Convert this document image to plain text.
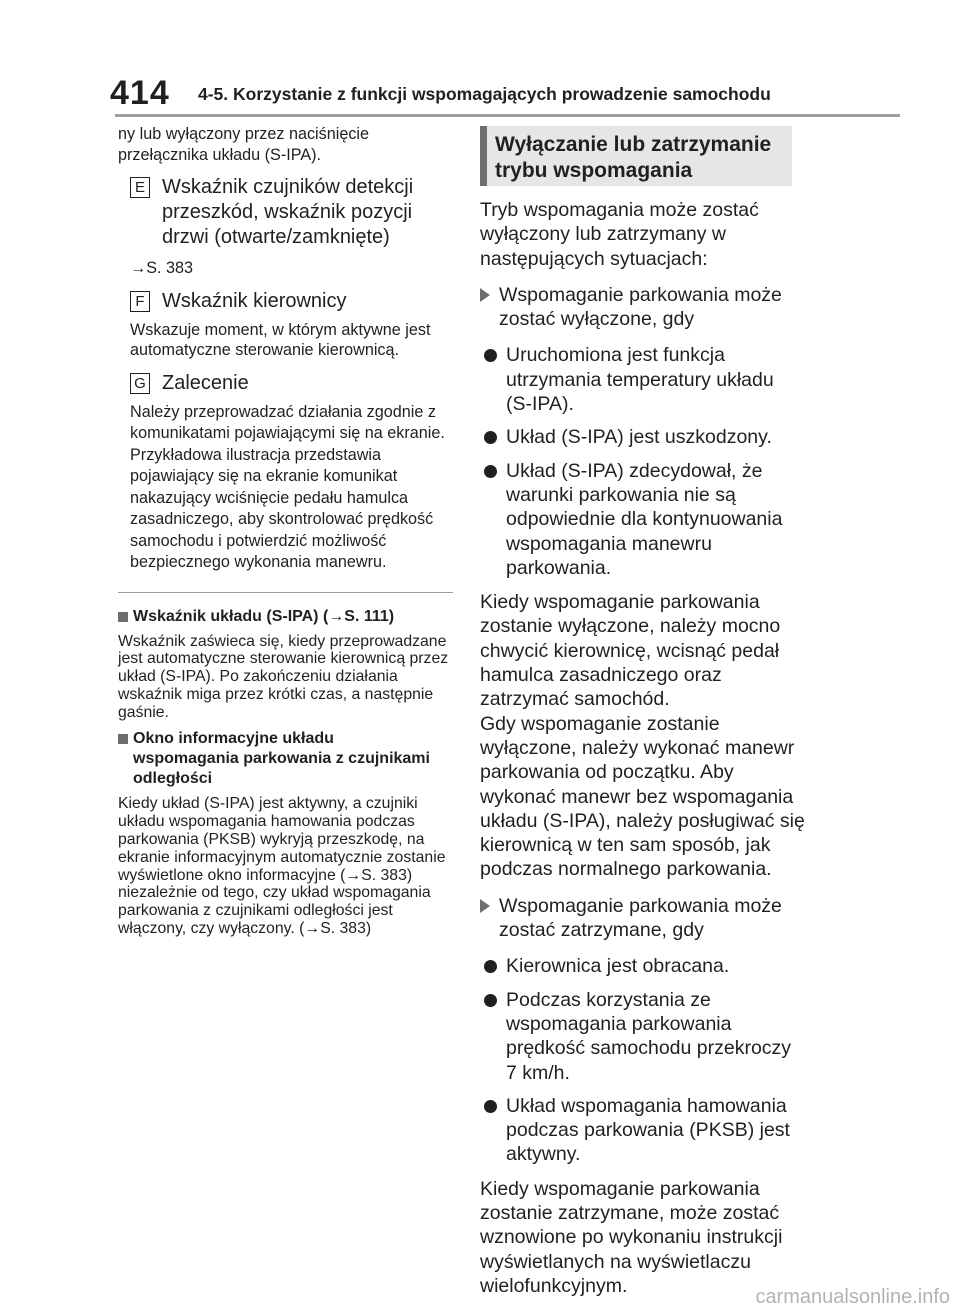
414 4-5. Korzystanie z funkcji wspomagających prowadzenie samochodu
ny lub wyłączony przez naciśnięcie przełącznika układu (S-IPA).
E Wskaźnik czujników detekcji przeszkód, wskaźnik pozycji drzwi (otwarte/zamknięte)
→S. 383
F Wskaźnik kierownicy
Wskazuje moment, w którym aktywne jest automatyczne sterowanie kierownicą.
G Zalecenie
Należy przeprowadzać działania zgodnie z komunikatami pojawiającymi się na ekranie. Przykładowa ilustracja przedstawia pojawiający się na ekranie komunikat nakazujący wciśnięcie pedału hamulca zasadniczego, aby skontrolować prędkość samochodu i potwierdzić możliwość bezpiecznego wykonania manewru.
Wskaźnik układu (S-IPA) (→S. 111)
Wskaźnik zaświeca się, kiedy przeprowadzane jest automatyczne sterowanie kierownicą przez układ (S-IPA). Po zakończeniu działania wskaźnik miga przez krótki czas, a następnie gaśnie.
Okno informacyjne układu wspomagania parkowania z czujnikami odległości
Kiedy układ (S-IPA) jest aktywny, a czujniki układu wspomagania hamowania podczas parkowania (PKSB) wykryją przeszkodę, na ekranie informacyjnym automatycznie zostanie wyświetlone okno informacyjne (→S. 383) niezależnie od tego, czy układ wspomagania parkowania z czujnikami odległości jest włączony, czy wyłączony. (→S. 383)
Wyłączanie lub zatrzymanie trybu wspomagania
Tryb wspomagania może zostać wyłączony lub zatrzymany w następujących sytuacjach:
Wspomaganie parkowania może zostać wyłączone, gdy
Uruchomiona jest funkcja utrzymania temperatury układu (S-IPA).
Układ (S-IPA) jest uszkodzony.
Układ (S-IPA) zdecydował, że warunki parkowania nie są odpowiednie dla kontynuowania wspomagania manewru parkowania.
Kiedy wspomaganie parkowania zostanie wyłączone, należy mocno chwycić kierownicę, wcisnąć pedał hamulca zasadniczego oraz zatrzymać samochód.
Gdy wspomaganie zostanie wyłączone, należy wykonać manewr parkowania od początku. Aby wykonać manewr bez wspomagania układu (S-IPA), należy posługiwać się kierownicą w ten sam sposób, jak podczas normalnego parkowania.
Wspomaganie parkowania może zostać zatrzymane, gdy
Kierownica jest obracana.
Podczas korzystania ze wspomagania parkowania prędkość samochodu przekroczy 7 km/h.
Układ wspomagania hamowania podczas parkowania (PKSB) jest aktywny.
Kiedy wspomaganie parkowania zostanie zatrzymane, może zostać wznowione po wykonaniu instrukcji wyświetlanych na wyświetlaczu wielofunkcyjnym.
carmanualsonline.info
